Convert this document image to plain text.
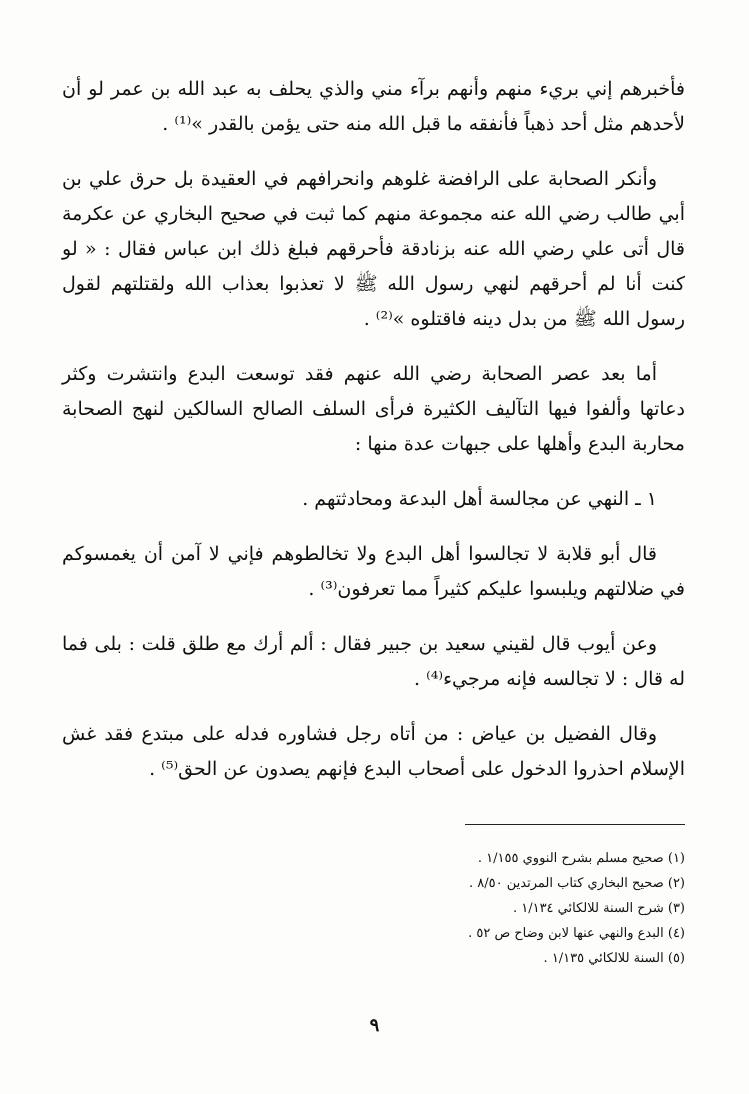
فأخبرهم إني بريء منهم وأنهم برآء مني والذي يحلف به عبد الله بن عمر لو أن لأحدهم مثل أحد ذهباً فأنفقه ما قبل الله منه حتى يؤمن بالقدر »⁽¹⁾ .

وأنكر الصحابة على الرافضة غلوهم وانحرافهم في العقيدة بل حرق علي بن أبي طالب رضي الله عنه مجموعة منهم كما ثبت في صحيح البخاري عن عكرمة قال أتى علي رضي الله عنه بزنادقة فأحرقهم فبلغ ذلك ابن عباس فقال : « لو كنت أنا لم أحرقهم لنهي رسول الله ﷺ لا تعذبوا بعذاب الله ولقتلتهم لقول رسول الله ﷺ من بدل دينه فاقتلوه »⁽²⁾ .

أما بعد عصر الصحابة رضي الله عنهم فقد توسعت البدع وانتشرت وكثر دعاتها وألفوا فيها التآليف الكثيرة فرأى السلف الصالح السالكين لنهج الصحابة محاربة البدع وأهلها على جبهات عدة منها :

١ ـ النهي عن مجالسة أهل البدعة ومحادثتهم .

قال أبو قلابة لا تجالسوا أهل البدع ولا تخالطوهم فإني لا آمن أن يغمسوكم في ضلالتهم ويلبسوا عليكم كثيراً مما تعرفون⁽³⁾ .

وعن أيوب قال لقيني سعيد بن جبير فقال : ألم أرك مع طلق قلت : بلى فما له قال : لا تجالسه فإنه مرجيء⁽⁴⁾ .

وقال الفضيل بن عياض : من أتاه رجل فشاوره فدله على مبتدع فقد غش الإسلام احذروا الدخول على أصحاب البدع فإنهم يصدون عن الحق⁽⁵⁾ .

(١) صحيح مسلم بشرح النووي ١/١٥٥ .
(٢) صحيح البخاري كتاب المرتدين ٨/٥٠ .
(٣) شرح السنة للالكائي ١/١٣٤ .
(٤) البدع والنهي عنها لابن وضاح ص ٥٢ .
(٥) السنة للالكائي ١/١٣٥ .
٩
